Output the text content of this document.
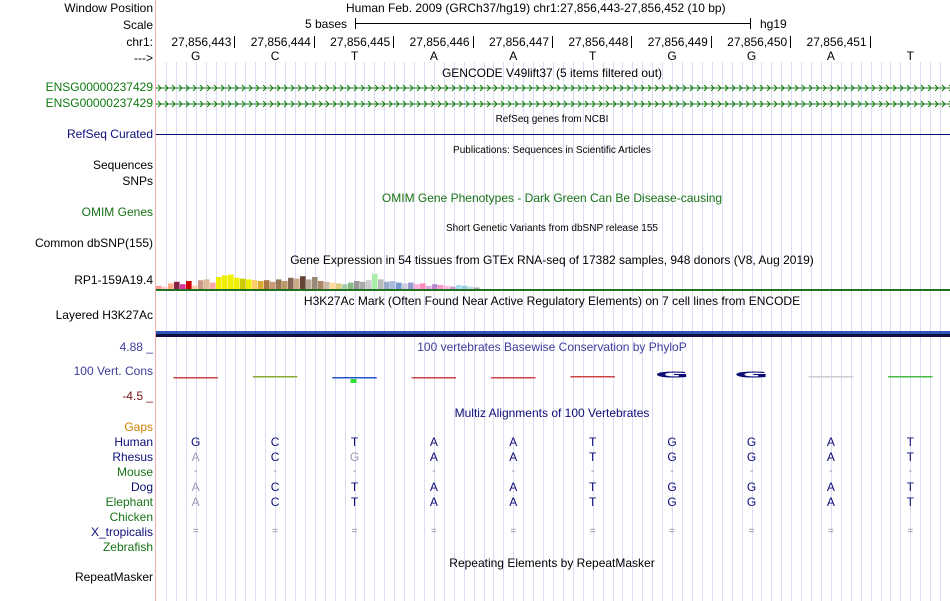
Window Position	Human Feb. 2009 (GRCh37/hg19) chr1:27,856,443-27,856,452 (10 bp)
Scale	5 bases	hg19
chr1: 27,856,443 27,856,444 27,856,445 27,856,446 27,856,447 27,856,448 27,856,449 27,856,450 27,856,451
--->	G	C	T	A	A	T	G	G	A	T
GENCODE V49lift37 (5 items filtered out)
ENSG00000237429
ENSG00000237429
RefSeq genes from NCBI
RefSeq Curated
Publications: Sequences in Scientific Articles
Sequences
SNPs
OMIM Gene Phenotypes - Dark Green Can Be Disease-causing
OMIM Genes
Short Genetic Variants from dbSNP release 155
Common dbSNP(155)
Gene Expression in 54 tissues from GTEx RNA-seq of 17382 samples, 948 donors (V8, Aug 2019)
RP1-159A19.4
H3K27Ac Mark (Often Found Near Active Regulatory Elements) on 7 cell lines from ENCODE
Layered H3K27Ac
100 vertebrates Basewise Conservation by PhyloP
4.88 _
100 Vert. Cons
-4.5 _
G	G
Multiz Alignments of 100 Vertebrates
Gaps
Human	G	C	T	A	A	T	G	G	A	T
Rhesus	A	C	G	A	A	T	G	G	A	T
Mouse	-	-	-	-	-	-	-	-	-	-
Dog	A	C	T	A	A	T	G	G	A	T
Elephant	A	C	T	A	A	T	G	G	A	T
Chicken
X_tropicalis	=	=	=	=	=	=	=	=	=	=
Zebrafish
Repeating Elements by RepeatMasker
RepeatMasker
